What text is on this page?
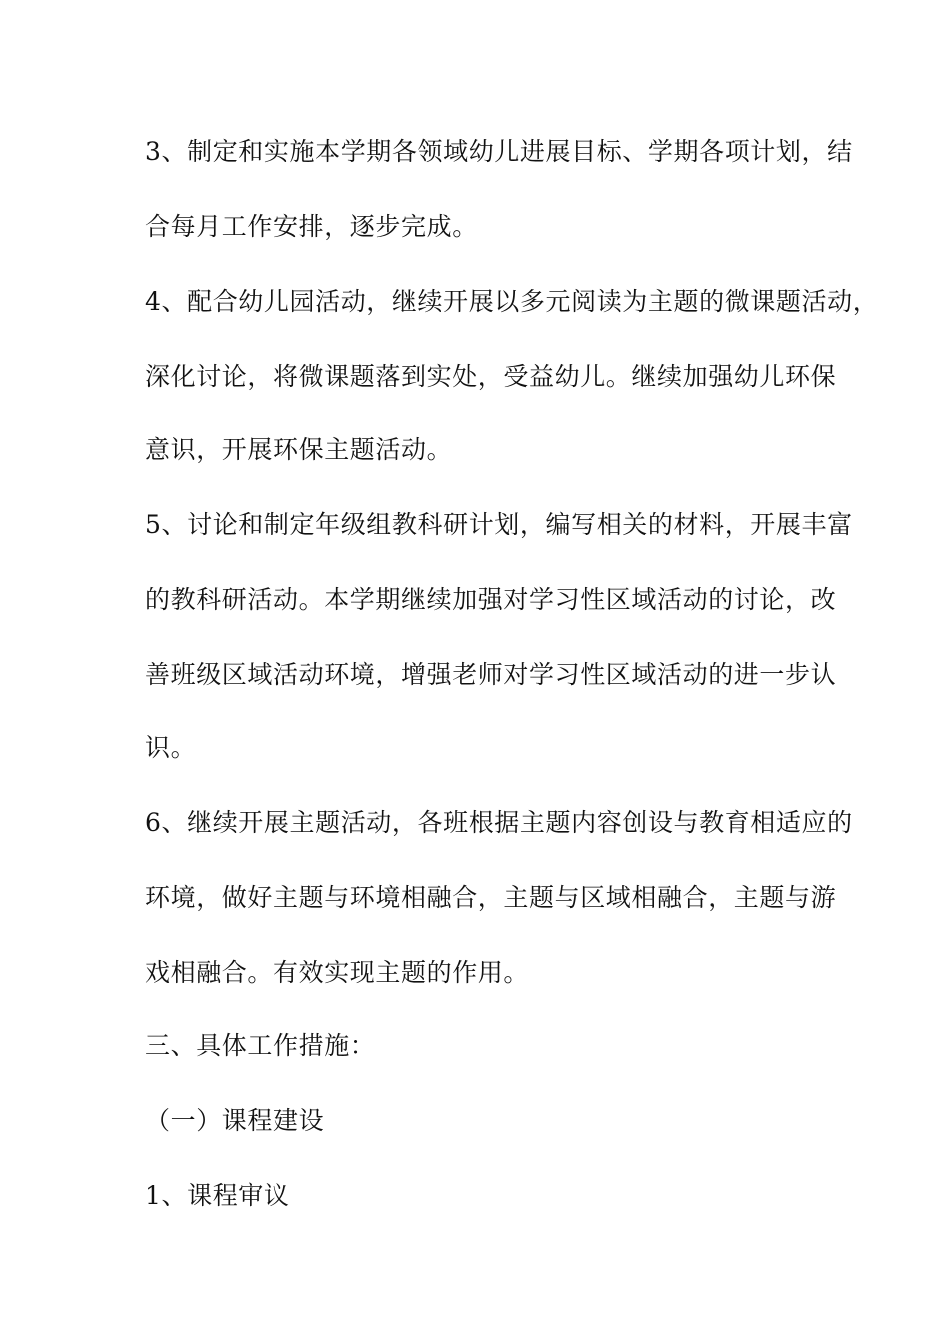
3、制定和实施本学期各领域幼儿进展目标、学期各项计划，结
合每月工作安排，逐步完成。
4、配合幼儿园活动，继续开展以多元阅读为主题的微课题活动，
深化讨论，将微课题落到实处，受益幼儿。继续加强幼儿环保
意识，开展环保主题活动。
5、讨论和制定年级组教科研计划，编写相关的材料，开展丰富
的教科研活动。本学期继续加强对学习性区域活动的讨论，改
善班级区域活动环境，增强老师对学习性区域活动的进一步认
识。
6、继续开展主题活动，各班根据主题内容创设与教育相适应的
环境，做好主题与环境相融合，主题与区域相融合，主题与游
戏相融合。有效实现主题的作用。
三、具体工作措施：
（一）课程建设
1、课程审议
